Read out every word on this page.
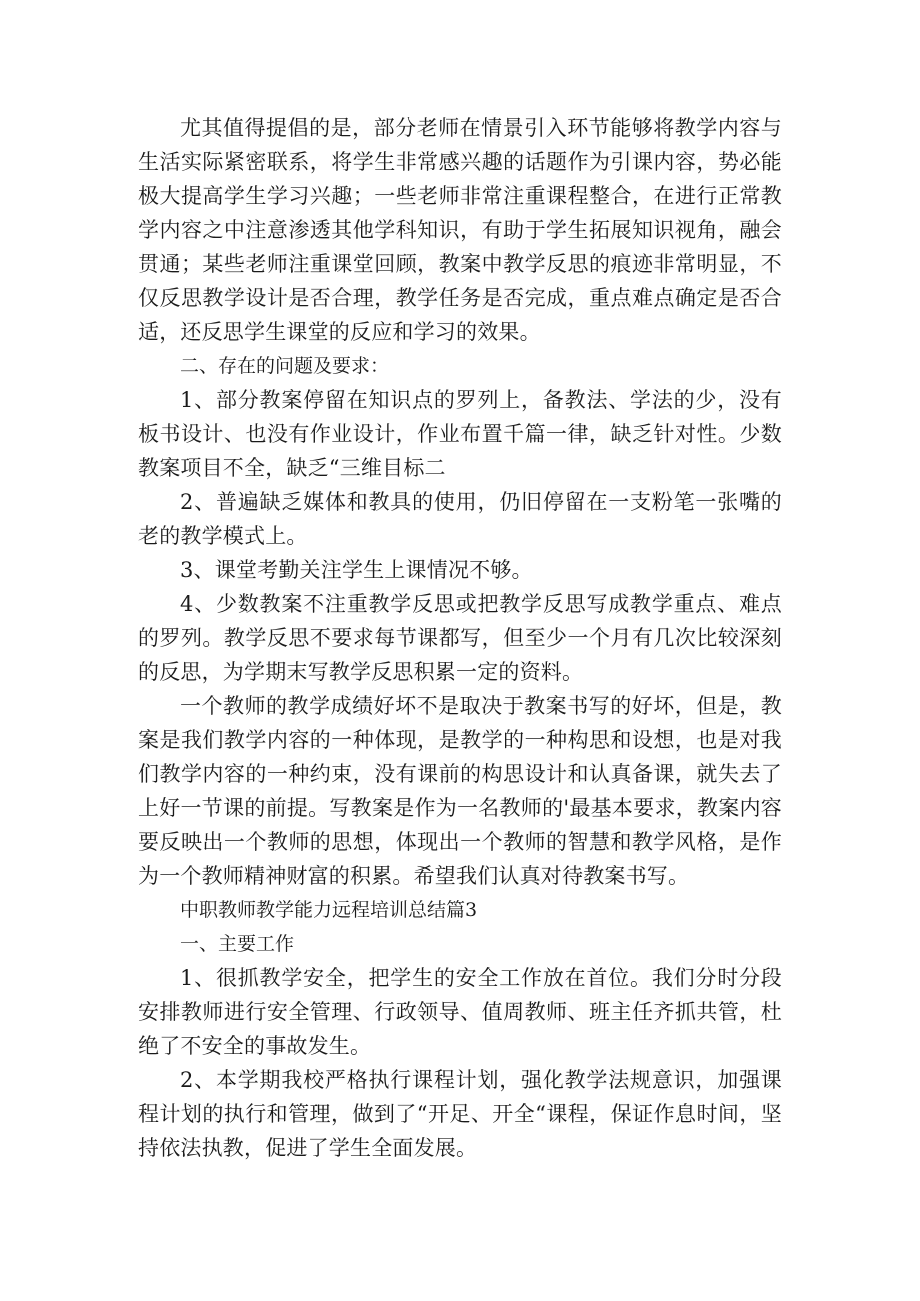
尤其值得提倡的是，部分老师在情景引入环节能够将教学内容与生活实际紧密联系，将学生非常感兴趣的话题作为引课内容，势必能极大提高学生学习兴趣；一些老师非常注重课程整合，在进行正常教学内容之中注意渗透其他学科知识，有助于学生拓展知识视角，融会贯通；某些老师注重课堂回顾，教案中教学反思的痕迹非常明显，不仅反思教学设计是否合理，教学任务是否完成，重点难点确定是否合适，还反思学生课堂的反应和学习的效果。

二、存在的问题及要求：

1、部分教案停留在知识点的罗列上，备教法、学法的少，没有板书设计、也没有作业设计，作业布置千篇一律，缺乏针对性。少数教案项目不全，缺乏“三维目标二

2、普遍缺乏媒体和教具的使用，仍旧停留在一支粉笔一张嘴的老的教学模式上。

3、课堂考勤关注学生上课情况不够。

4、少数教案不注重教学反思或把教学反思写成教学重点、难点的罗列。教学反思不要求每节课都写，但至少一个月有几次比较深刻的反思，为学期末写教学反思积累一定的资料。

一个教师的教学成绩好坏不是取决于教案书写的好坏，但是，教案是我们教学内容的一种体现，是教学的一种构思和设想，也是对我们教学内容的一种约束，没有课前的构思设计和认真备课，就失去了上好一节课的前提。写教案是作为一名教师的'最基本要求，教案内容要反映出一个教师的思想，体现出一个教师的智慧和教学风格，是作为一个教师精神财富的积累。希望我们认真对待教案书写。

中职教师教学能力远程培训总结篇3

一、主要工作

1、很抓教学安全，把学生的安全工作放在首位。我们分时分段安排教师进行安全管理、行政领导、值周教师、班主任齐抓共管，杜绝了不安全的事故发生。

2、本学期我校严格执行课程计划，强化教学法规意识，加强课程计划的执行和管理，做到了“开足、开全“课程，保证作息时间，坚持依法执教，促进了学生全面发展。
